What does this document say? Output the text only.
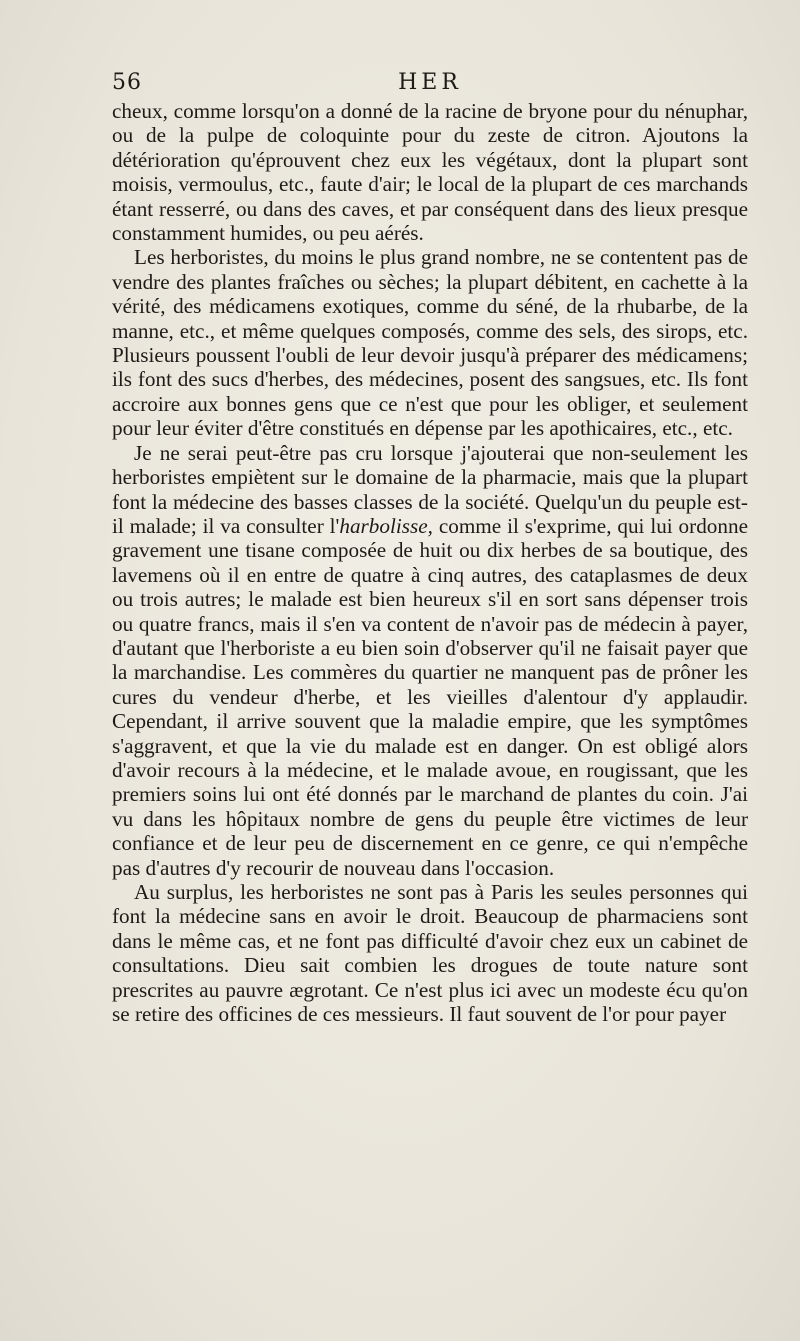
56	HER

cheux, comme lorsqu'on a donné de la racine de bryone pour du nénuphar, ou de la pulpe de coloquinte pour du zeste de citron. Ajoutons la détérioration qu'éprouvent chez eux les végétaux, dont la plupart sont moisis, vermoulus, etc., faute d'air; le local de la plupart de ces marchands étant resserré, ou dans des caves, et par conséquent dans des lieux presque constamment humides, ou peu aérés.

Les herboristes, du moins le plus grand nombre, ne se contentent pas de vendre des plantes fraîches ou sèches; la plupart débitent, en cachette à la vérité, des médicamens exotiques, comme du séné, de la rhubarbe, de la manne, etc., et même quelques composés, comme des sels, des sirops, etc. Plusieurs poussent l'oubli de leur devoir jusqu'à préparer des médicamens; ils font des sucs d'herbes, des médecines, posent des sangsues, etc. Ils font accroire aux bonnes gens que ce n'est que pour les obliger, et seulement pour leur éviter d'être constitués en dépense par les apothicaires, etc., etc.

Je ne serai peut-être pas cru lorsque j'ajouterai que non-seulement les herboristes empiètent sur le domaine de la pharmacie, mais que la plupart font la médecine des basses classes de la société. Quelqu'un du peuple est-il malade; il va consulter l'harbolisse, comme il s'exprime, qui lui ordonne gravement une tisane composée de huit ou dix herbes de sa boutique, des lavemens où il en entre de quatre à cinq autres, des cataplasmes de deux ou trois autres; le malade est bien heureux s'il en sort sans dépenser trois ou quatre francs, mais il s'en va content de n'avoir pas de médecin à payer, d'autant que l'herboriste a eu bien soin d'observer qu'il ne faisait payer que la marchandise. Les commères du quartier ne manquent pas de prôner les cures du vendeur d'herbe, et les vieilles d'alentour d'y applaudir. Cependant, il arrive souvent que la maladie empire, que les symptômes s'aggravent, et que la vie du malade est en danger. On est obligé alors d'avoir recours à la médecine, et le malade avoue, en rougissant, que les premiers soins lui ont été donnés par le marchand de plantes du coin. J'ai vu dans les hôpitaux nombre de gens du peuple être victimes de leur confiance et de leur peu de discernement en ce genre, ce qui n'empêche pas d'autres d'y recourir de nouveau dans l'occasion.

Au surplus, les herboristes ne sont pas à Paris les seules personnes qui font la médecine sans en avoir le droit. Beaucoup de pharmaciens sont dans le même cas, et ne font pas difficulté d'avoir chez eux un cabinet de consultations. Dieu sait combien les drogues de toute nature sont prescrites au pauvre ægrotant. Ce n'est plus ici avec un modeste écu qu'on se retire des officines de ces messieurs. Il faut souvent de l'or pour payer
